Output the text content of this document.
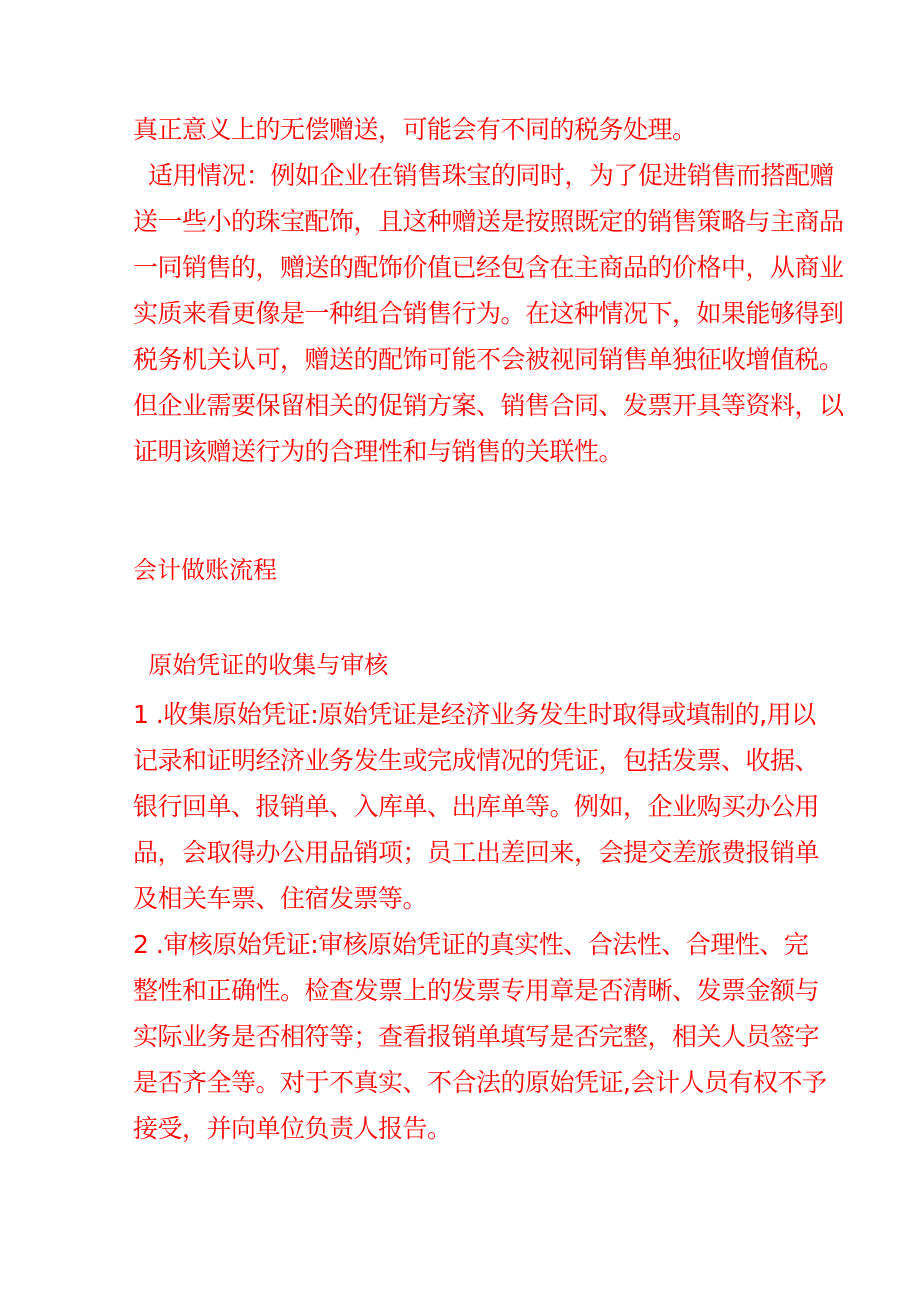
真正意义上的无偿赠送，可能会有不同的税务处理。
适用情况：例如企业在销售珠宝的同时，为了促进销售而搭配赠
送一些小的珠宝配饰，且这种赠送是按照既定的销售策略与主商品
一同销售的，赠送的配饰价值已经包含在主商品的价格中，从商业
实质来看更像是一种组合销售行为。在这种情况下，如果能够得到
税务机关认可，赠送的配饰可能不会被视同销售单独征收增值税。
但企业需要保留相关的促销方案、销售合同、发票开具等资料，以
证明该赠送行为的合理性和与销售的关联性。
会计做账流程
原始凭证的收集与审核
1 .收集原始凭证:原始凭证是经济业务发生时取得或填制的,用以
记录和证明经济业务发生或完成情况的凭证，包括发票、收据、
银行回单、报销单、入库单、出库单等。例如，企业购买办公用
品，会取得办公用品销项；员工出差回来，会提交差旅费报销单
及相关车票、住宿发票等。
2 .审核原始凭证:审核原始凭证的真实性、合法性、合理性、完
整性和正确性。检查发票上的发票专用章是否清晰、发票金额与
实际业务是否相符等；查看报销单填写是否完整，相关人员签字
是否齐全等。对于不真实、不合法的原始凭证,会计人员有权不予
接受，并向单位负责人报告。
